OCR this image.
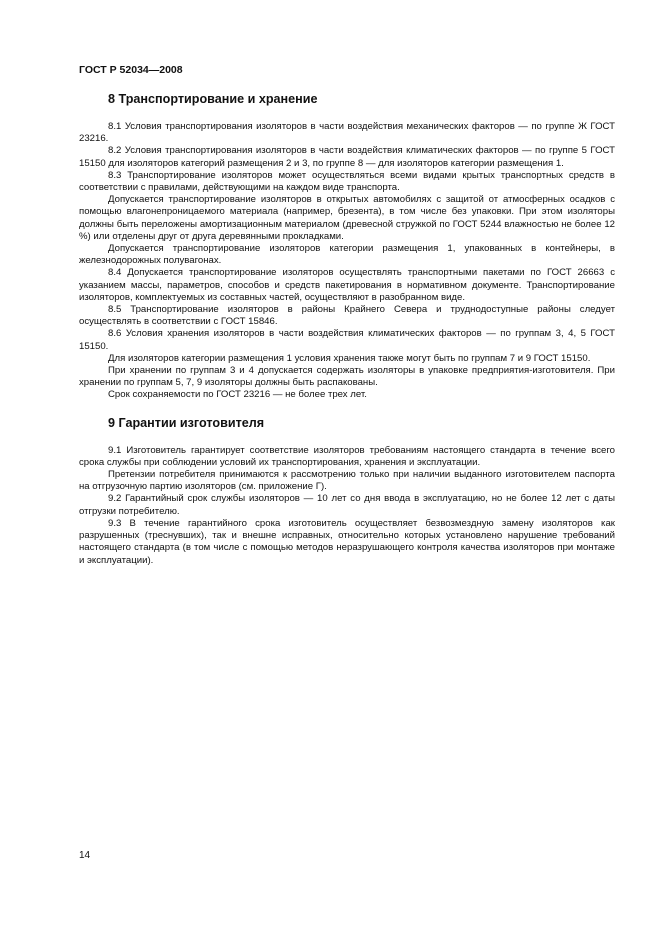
ГОСТ Р 52034—2008
8 Транспортирование и хранение

8.1 Условия транспортирования изоляторов в части воздействия механических факторов — по группе Ж ГОСТ 23216.

8.2 Условия транспортирования изоляторов в части воздействия климатических факторов — по группе 5 ГОСТ 15150 для изоляторов категорий размещения 2 и 3, по группе 8 — для изоляторов категории размещения 1.

8.3 Транспортирование изоляторов может осуществляться всеми видами крытых транспортных средств в соответствии с правилами, действующими на каждом виде транспорта.

Допускается транспортирование изоляторов в открытых автомобилях с защитой от атмосферных осадков с помощью влагонепроницаемого материала (например, брезента), в том числе без упаковки. При этом изоляторы должны быть переложены амортизационным материалом (древесной стружкой по ГОСТ 5244 влажностью не более 12 %) или отделены друг от друга деревянными прокладками.

Допускается транспортирование изоляторов категории размещения 1, упакованных в контейнеры, в железнодорожных полувагонах.

8.4 Допускается транспортирование изоляторов осуществлять транспортными пакетами по ГОСТ 26663 с указанием массы, параметров, способов и средств пакетирования в нормативном документе. Транспортирование изоляторов, комплектуемых из составных частей, осуществляют в разобранном виде.

8.5 Транспортирование изоляторов в районы Крайнего Севера и труднодоступные районы следует осуществлять в соответствии с ГОСТ 15846.

8.6 Условия хранения изоляторов в части воздействия климатических факторов — по группам 3, 4, 5 ГОСТ 15150.

Для изоляторов категории размещения 1 условия хранения также могут быть по группам 7 и 9 ГОСТ 15150.

При хранении по группам 3 и 4 допускается содержать изоляторы в упаковке предприятия-изготовителя. При хранении по группам 5, 7, 9 изоляторы должны быть распакованы.

Срок сохраняемости по ГОСТ 23216 — не более трех лет.

9 Гарантии изготовителя

9.1 Изготовитель гарантирует соответствие изоляторов требованиям настоящего стандарта в течение всего срока службы при соблюдении условий их транспортирования, хранения и эксплуатации.

Претензии потребителя принимаются к рассмотрению только при наличии выданного изготовителем паспорта на отгрузочную партию изоляторов (см. приложение Г).

9.2 Гарантийный срок службы изоляторов — 10 лет со дня ввода в эксплуатацию, но не более 12 лет с даты отгрузки потребителю.

9.3 В течение гарантийного срока изготовитель осуществляет безвозмездную замену изоляторов как разрушенных (треснувших), так и внешне исправных, относительно которых установлено нарушение требований настоящего стандарта (в том числе с помощью методов неразрушающего контроля качества изоляторов при монтаже и эксплуатации).

14
